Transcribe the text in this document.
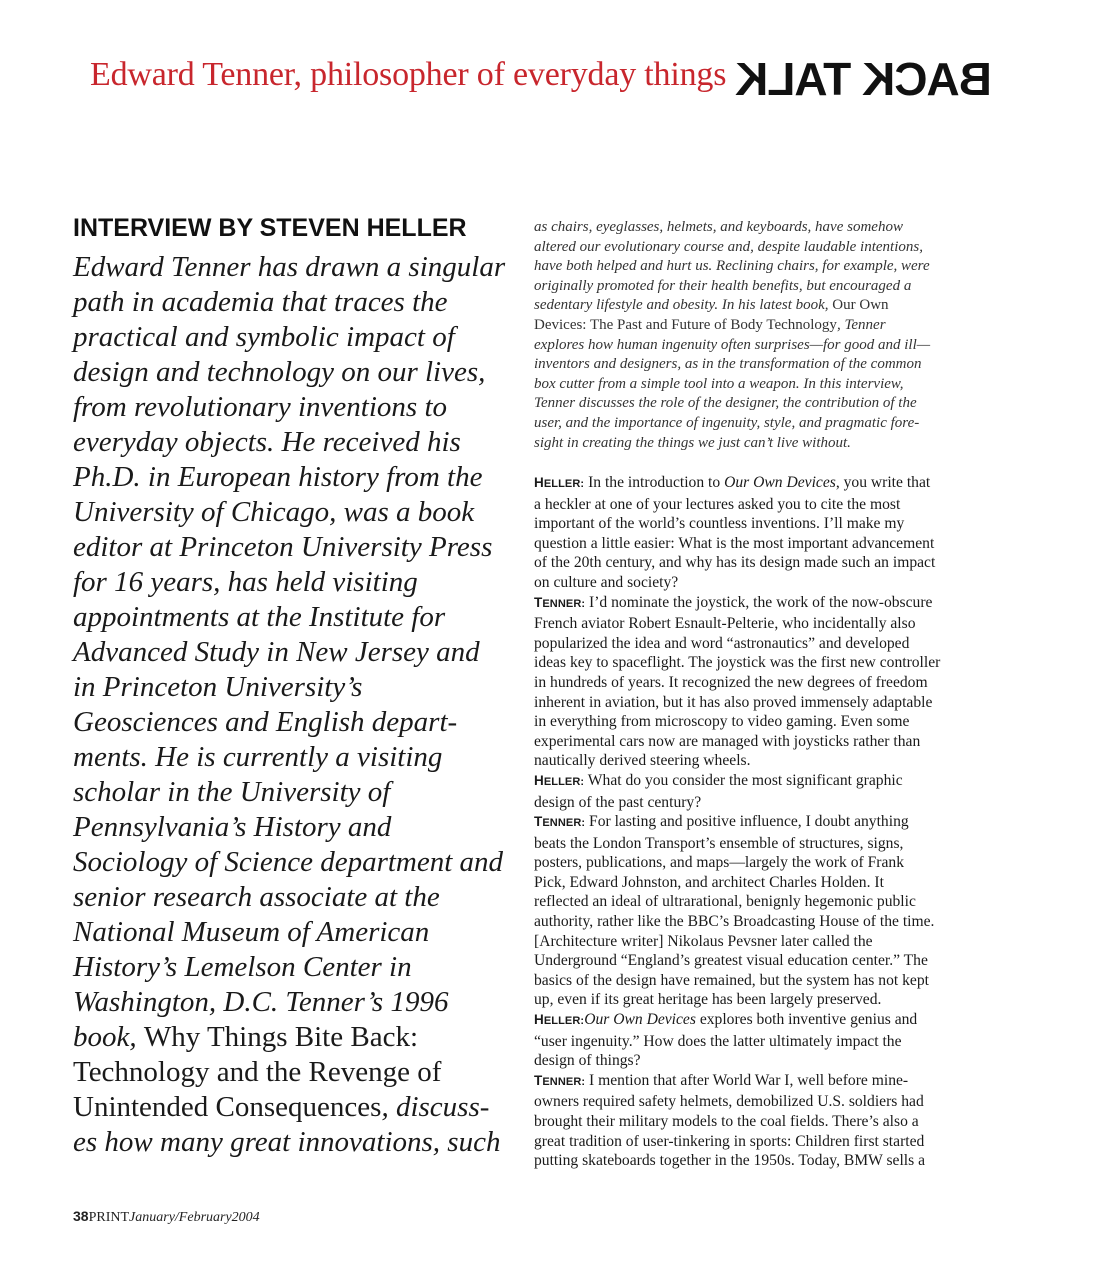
Edward Tenner, philosopher of everyday things BACK TALK
INTERVIEW BY STEVEN HELLER
Edward Tenner has drawn a singular
path in academia that traces the
practical and symbolic impact of
design and technology on our lives,
from revolutionary inventions to
everyday objects. He received his
Ph.D. in European history from the
University of Chicago, was a book
editor at Princeton University Press
for 16 years, has held visiting
appointments at the Institute for
Advanced Study in New Jersey and
in Princeton University’s
Geosciences and English depart-
ments. He is currently a visiting
scholar in the University of
Pennsylvania’s History and
Sociology of Science department and
senior research associate at the
National Museum of American
History’s Lemelson Center in
Washington, D.C. Tenner’s 1996
book, Why Things Bite Back:
Technology and the Revenge of
Unintended Consequences, discuss-
es how many great innovations, such
as chairs, eyeglasses, helmets, and keyboards, have somehow
altered our evolutionary course and, despite laudable intentions,
have both helped and hurt us. Reclining chairs, for example, were
originally promoted for their health benefits, but encouraged a
sedentary lifestyle and obesity. In his latest book, Our Own
Devices: The Past and Future of Body Technology, Tenner
explores how human ingenuity often surprises—for good and ill—
inventors and designers, as in the transformation of the common
box cutter from a simple tool into a weapon. In this interview,
Tenner discusses the role of the designer, the contribution of the
user, and the importance of ingenuity, style, and pragmatic fore-
sight in creating the things we just can’t live without.
HELLER: In the introduction to Our Own Devices, you write that
a heckler at one of your lectures asked you to cite the most
important of the world’s countless inventions. I’ll make my
question a little easier: What is the most important advancement
of the 20th century, and why has its design made such an impact
on culture and society?
TENNER: I’d nominate the joystick, the work of the now-obscure
French aviator Robert Esnault-Pelterie, who incidentally also
popularized the idea and word “astronautics” and developed
ideas key to spaceflight. The joystick was the first new controller
in hundreds of years. It recognized the new degrees of freedom
inherent in aviation, but it has also proved immensely adaptable
in everything from microscopy to video gaming. Even some
experimental cars now are managed with joysticks rather than
nautically derived steering wheels.
HELLER: What do you consider the most significant graphic
design of the past century?
TENNER: For lasting and positive influence, I doubt anything
beats the London Transport’s ensemble of structures, signs,
posters, publications, and maps—largely the work of Frank
Pick, Edward Johnston, and architect Charles Holden. It
reflected an ideal of ultrarational, benignly hegemonic public
authority, rather like the BBC’s Broadcasting House of the time.
[Architecture writer] Nikolaus Pevsner later called the
Underground “England’s greatest visual education center.” The
basics of the design have remained, but the system has not kept
up, even if its great heritage has been largely preserved.
HELLER:Our Own Devices explores both inventive genius and
“user ingenuity.” How does the latter ultimately impact the
design of things?
TENNER: I mention that after World War I, well before mine-
owners required safety helmets, demobilized U.S. soldiers had
brought their military models to the coal fields. There’s also a
great tradition of user-tinkering in sports: Children first started
putting skateboards together in the 1950s. Today, BMW sells a
38PRINTJanuary/February2004
